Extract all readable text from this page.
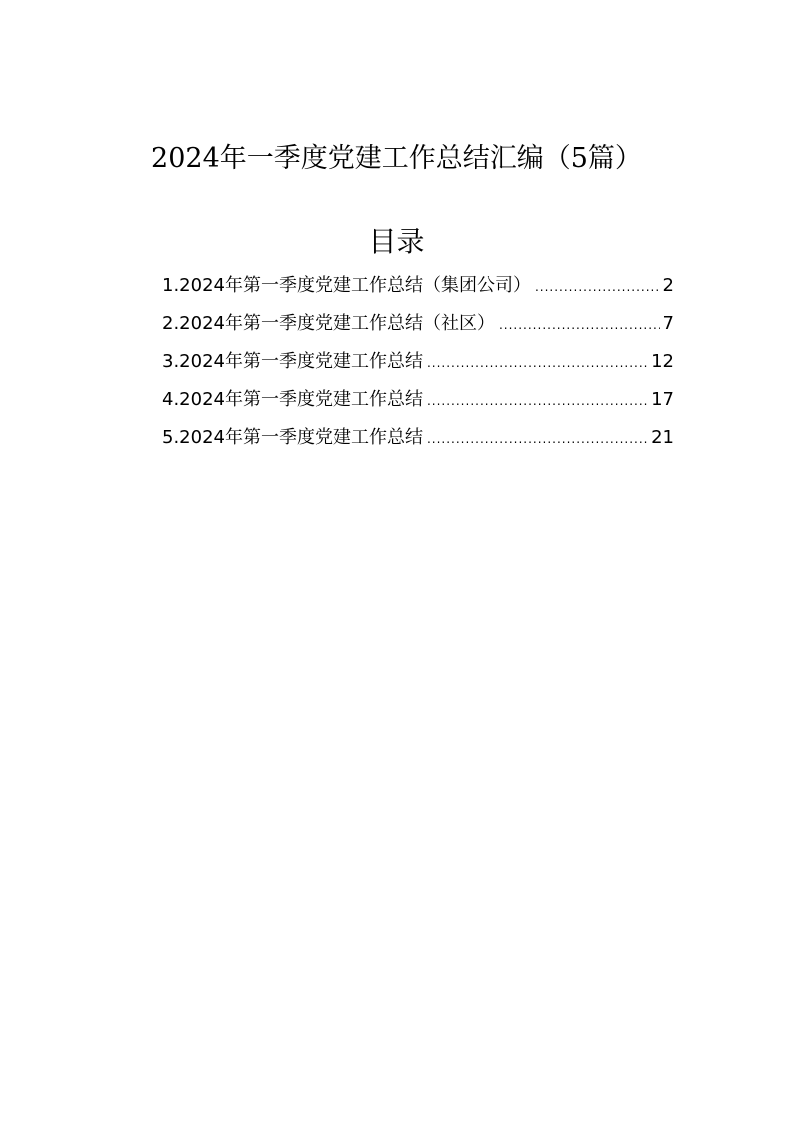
2024年一季度党建工作总结汇编（5篇）
目录
1.2024年第一季度党建工作总结（集团公司） .....	2
2.2024年第一季度党建工作总结（社区） .....	7
3.2024年第一季度党建工作总结 .....	12
4.2024年第一季度党建工作总结 .....	17
5.2024年第一季度党建工作总结 .....	21
